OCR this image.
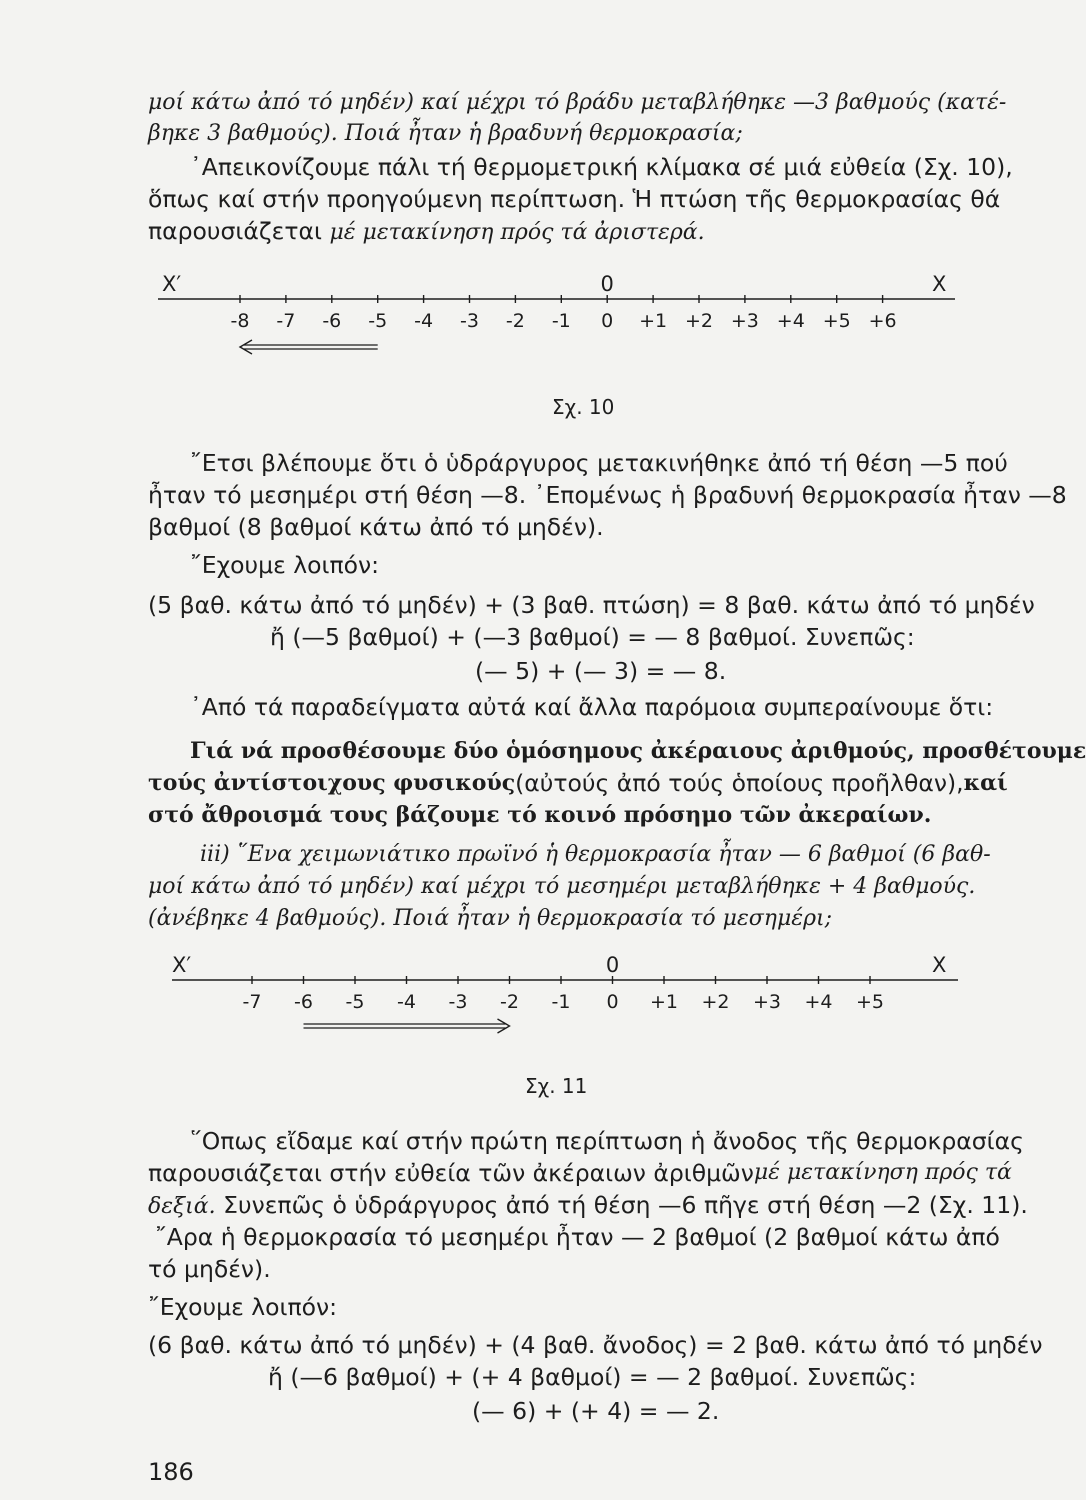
μοί κάτω ἀπό τό μηδέν) καί μέχρι τό βράδυ μεταβλήθηκε —3 βαθμούς (κατέ-
βηκε 3 βαθμούς). Ποιά ἦταν ἡ βραδυνή θερμοκρασία;
᾿Απεικονίζουμε πάλι τή θερμομετρική κλίμακα σέ μιά εὐθεία (Σχ. 10),
ὅπως καί στήν προηγούμενη περίπτωση. Ἡ πτώση τῆς θερμοκρασίας θά
παρουσιάζεται μέ μετακίνηση πρός τά ἀριστερά.
X′	X
0
-8 -7 -6 -5 -4 -3 -2 -1 0 +1 +2 +3 +4 +5 +6
Σχ. 10
῎Ετσι βλέπουμε ὅτι ὁ ὑδράργυρος μετακινήθηκε ἀπό τή θέση —5 πού
ἦταν τό μεσημέρι στή θέση —8. ᾿Επομένως ἡ βραδυνή θερμοκρασία ἦταν —8
βαθμοί (8 βαθμοί κάτω ἀπό τό μηδέν).
῎Εχουμε λοιπόν:
(5 βαθ. κάτω ἀπό τό μηδέν) + (3 βαθ. πτώση) = 8 βαθ. κάτω ἀπό τό μηδέν
ἤ (—5 βαθμοί) + (—3 βαθμοί) = — 8 βαθμοί. Συνεπῶς:
(— 5) + (— 3) = — 8.
᾿Από τά παραδείγματα αὐτά καί ἄλλα παρόμοια συμπεραίνουμε ὅτι:
Γιά νά προσθέσουμε δύο ὁμόσημους ἀκέραιους ἀριθμούς, προσθέτουμε
τούς ἀντίστοιχους φυσικούς (αὐτούς ἀπό τούς ὁποίους προῆλθαν), καί
στό ἄθροισμά τους βάζουμε τό κοινό πρόσημο τῶν ἀκεραίων.
iii) ῞Ενα χειμωνιάτικο πρωϊνό ἡ θερμοκρασία ἦταν — 6 βαθμοί (6 βαθ-
μοί κάτω ἀπό τό μηδέν) καί μέχρι τό μεσημέρι μεταβλήθηκε + 4 βαθμούς.
(ἀνέβηκε 4 βαθμούς). Ποιά ἦταν ἡ θερμοκρασία τό μεσημέρι;
X′	X
0
-7 -6 -5 -4 -3 -2 -1 0 +1 +2 +3 +4 +5
Σχ. 11
῞Οπως εἴδαμε καί στήν πρώτη περίπτωση ἡ ἄνοδος τῆς θερμοκρασίας
παρουσιάζεται στήν εὐθεία τῶν ἀκέραιων ἀριθμῶν μέ μετακίνηση πρός τά
δεξιά. Συνεπῶς ὁ ὑδράργυρος ἀπό τή θέση —6 πῆγε στή θέση —2 (Σχ. 11).
῎Αρα ἡ θερμοκρασία τό μεσημέρι ἦταν — 2 βαθμοί (2 βαθμοί κάτω ἀπό
τό μηδέν).
῎Εχουμε λοιπόν:
(6 βαθ. κάτω ἀπό τό μηδέν) + (4 βαθ. ἄνοδος) = 2 βαθ. κάτω ἀπό τό μηδέν
ἤ (—6 βαθμοί) + (+ 4 βαθμοί) = — 2 βαθμοί. Συνεπῶς:
(— 6) + (+ 4) = — 2.
186
